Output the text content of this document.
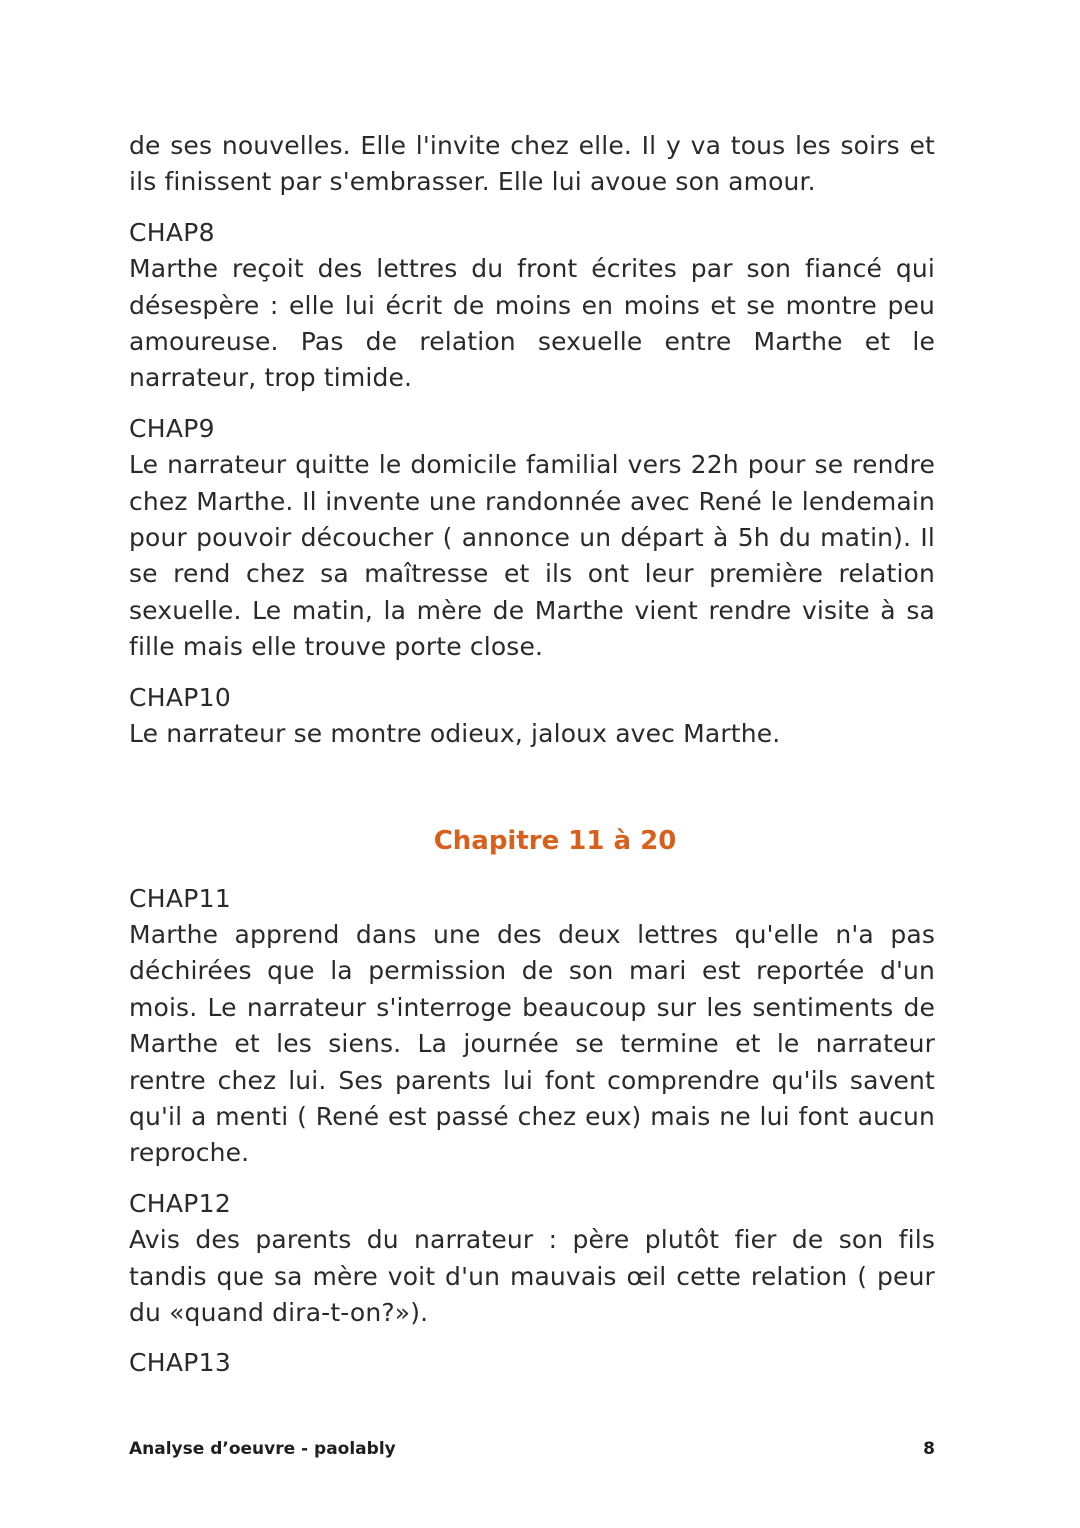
de ses nouvelles. Elle l'invite chez elle. Il y va tous les soirs et ils finissent par s'embrasser. Elle lui avoue son amour.

CHAP8

Marthe reçoit des lettres du front écrites par son fiancé qui désespère : elle lui écrit de moins en moins et se montre peu amoureuse. Pas de relation sexuelle entre Marthe et le narrateur, trop timide.

CHAP9

Le narrateur quitte le domicile familial vers 22h pour se rendre chez Marthe. Il invente une randonnée avec René le lendemain pour pouvoir découcher ( annonce un départ à 5h du matin). Il se rend chez sa maîtresse et ils ont leur première relation sexuelle. Le matin, la mère de Marthe vient rendre visite à sa fille mais elle trouve porte close.

CHAP10

Le narrateur se montre odieux, jaloux avec Marthe.

Chapitre 11 à 20

CHAP11

Marthe apprend dans une des deux lettres qu'elle n'a pas déchirées que la permission de son mari est reportée d'un mois. Le narrateur s'interroge beaucoup sur les sentiments de Marthe et les siens. La journée se termine et le narrateur rentre chez lui. Ses parents lui font comprendre qu'ils savent qu'il a menti ( René est passé chez eux) mais ne lui font aucun reproche.

CHAP12

Avis des parents du narrateur : père plutôt fier de son fils tandis que sa mère voit d'un mauvais œil cette relation ( peur du «quand dira-t-on?»).

CHAP13

Analyse d’oeuvre - paolably	8
